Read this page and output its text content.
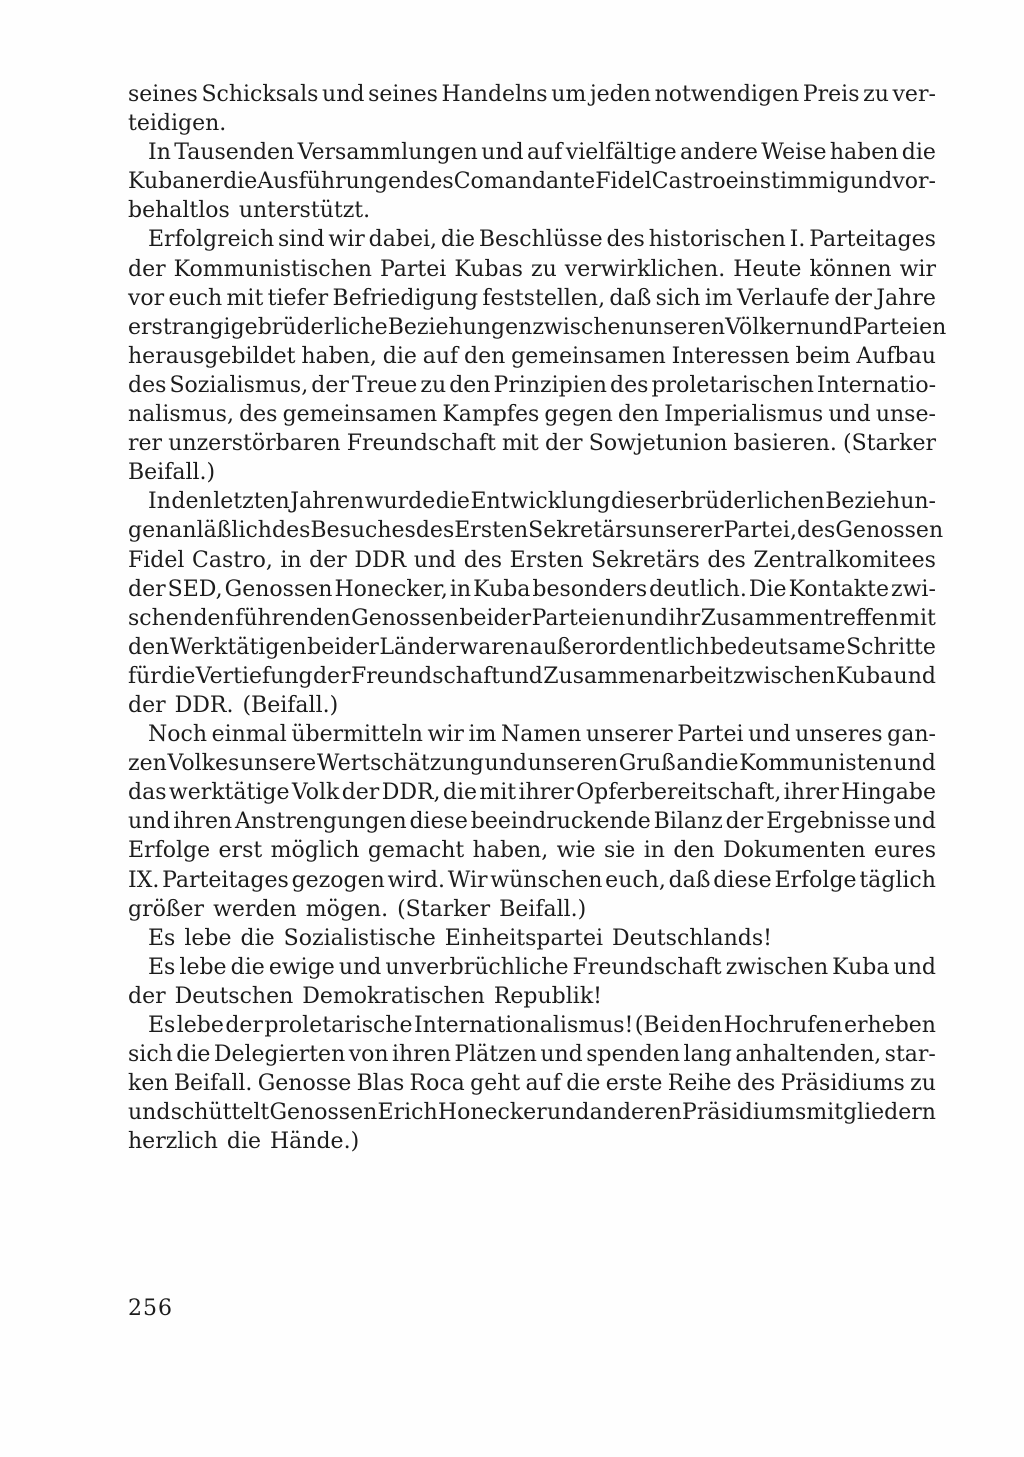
seines Schicksals und seines Handelns um jeden notwendigen Preis zu ver-
teidigen.
In Tausenden Versammlungen und auf vielfältige andere Weise haben die
Kubaner die Ausführungen des Comandante Fidel Castro einstimmig und vor-
behaltlos unterstützt.
Erfolgreich sind wir dabei, die Beschlüsse des historischen I. Parteitages
der Kommunistischen Partei Kubas zu verwirklichen. Heute können wir
vor euch mit tiefer Befriedigung feststellen, daß sich im Verlaufe der Jahre
erstrangige brüderliche Beziehungen zwischen unseren Völkern und Parteien
herausgebildet haben, die auf den gemeinsamen Interessen beim Aufbau
des Sozialismus, der Treue zu den Prinzipien des proletarischen Internatio-
nalismus, des gemeinsamen Kampfes gegen den Imperialismus und unse-
rer unzerstörbaren Freundschaft mit der Sowjetunion basieren. (Starker
Beifall.)
In den letzten Jahren wurde die Entwicklung dieser brüderlichen Beziehun-
gen anläßlich des Besuches des Ersten Sekretärs unserer Partei, des Genossen
Fidel Castro, in der DDR und des Ersten Sekretärs des Zentralkomitees
der SED, Genossen Honecker, in Kuba besonders deutlich. Die Kontakte zwi-
schen den führenden Genossen beider Parteien und ihr Zusammentreffen mit
den Werktätigen beider Länder waren außerordentlich bedeutsame Schritte
für die Vertiefung der Freundschaft und Zusammenarbeit zwischen Kuba und
der DDR. (Beifall.)
Noch einmal übermitteln wir im Namen unserer Partei und unseres gan-
zen Volkes unsere Wertschätzung und unseren Gruß an die Kommunisten und
das werktätige Volk der DDR, die mit ihrer Opferbereitschaft, ihrer Hingabe
und ihren Anstrengungen diese beeindruckende Bilanz der Ergebnisse und
Erfolge erst möglich gemacht haben, wie sie in den Dokumenten eures
IX. Parteitages gezogen wird. Wir wünschen euch, daß diese Erfolge täglich
größer werden mögen. (Starker Beifall.)
Es lebe die Sozialistische Einheitspartei Deutschlands!
Es lebe die ewige und unverbrüchliche Freundschaft zwischen Kuba und
der Deutschen Demokratischen Republik!
Es lebe der proletarische Internationalismus! (Bei den Hochrufen erheben
sich die Delegierten von ihren Plätzen und spenden lang anhaltenden, star-
ken Beifall. Genosse Blas Roca geht auf die erste Reihe des Präsidiums zu
und schüttelt Genossen Erich Honecker und anderen Präsidiumsmitgliedern
herzlich die Hände.)
256
